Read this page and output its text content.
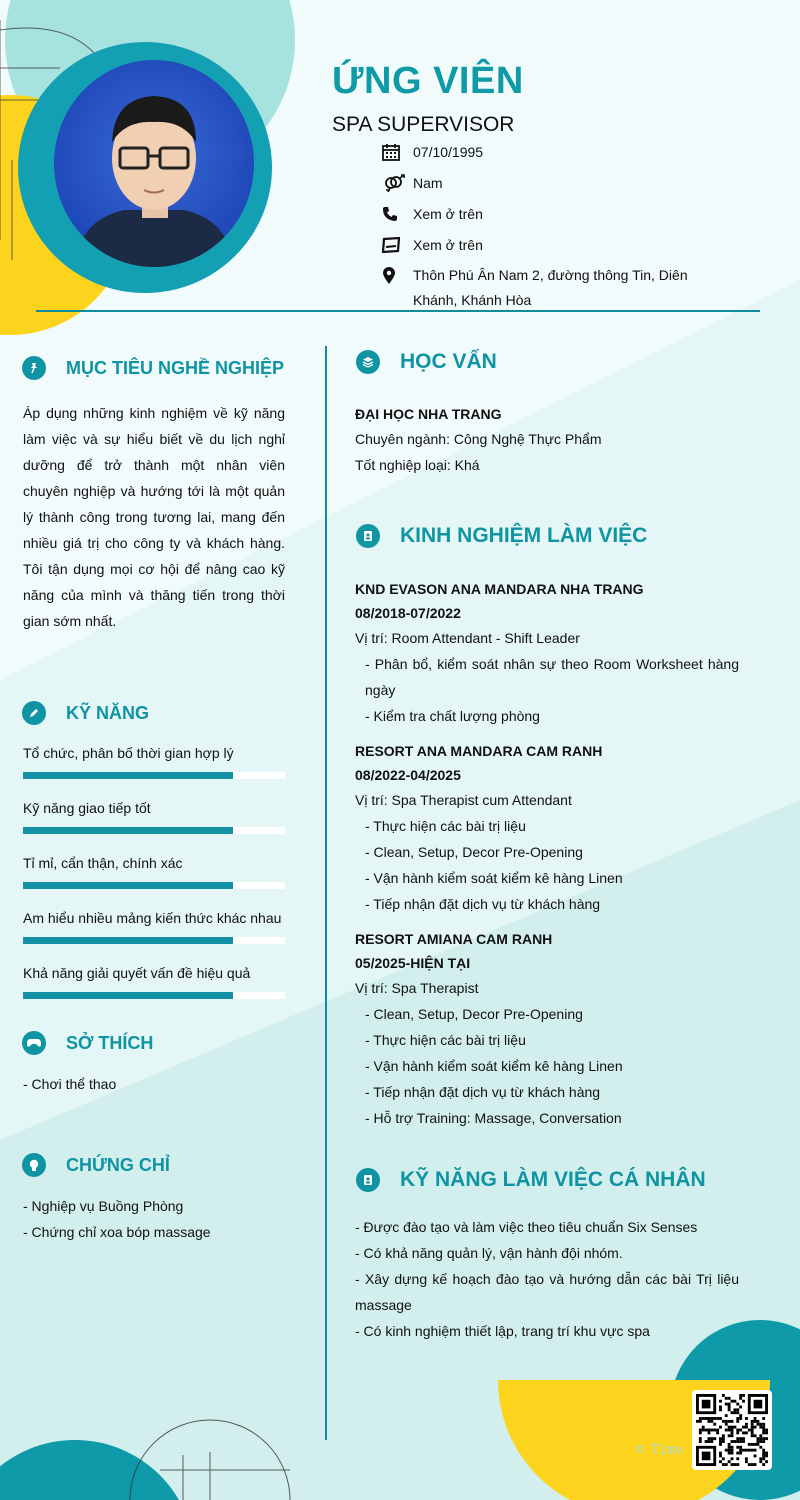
ỨNG VIÊN
SPA SUPERVISOR
07/10/1995
Nam
Xem ở trên
Xem ở trên
Thôn Phú Ân Nam 2, đường thông Tin, Diên Khánh, Khánh Hòa
MỤC TIÊU NGHỀ NGHIỆP
Áp dụng những kinh nghiệm về kỹ năng làm việc và sự hiểu biết về du lịch nghỉ dưỡng để trở thành một nhân viên chuyên nghiệp và hướng tới là một quản lý thành công trong tương lai, mang đến nhiều giá trị cho công ty và khách hàng. Tôi tận dụng mọi cơ hội để nâng cao kỹ năng của mình và thăng tiến trong thời gian sớm nhất.
KỸ NĂNG
Tổ chức, phân bố thời gian hợp lý
Kỹ năng giao tiếp tốt
Tỉ mỉ, cẩn thận, chính xác
Am hiểu nhiều mảng kiến thức khác nhau
Khả năng giải quyết vấn đề hiệu quả
SỞ THÍCH
- Chơi thể thao
CHỨNG CHỈ
- Nghiệp vụ Buồng Phòng
- Chứng chỉ xoa bóp massage
HỌC VẤN
ĐẠI HỌC NHA TRANG
Chuyên ngành: Công Nghệ Thực Phẩm
Tốt nghiệp loại: Khá
KINH NGHIỆM LÀM VIỆC
KND EVASON ANA MANDARA NHA TRANG
08/2018-07/2022
Vị trí: Room Attendant - Shift Leader
- Phân bổ, kiểm soát nhân sự theo Room Worksheet hàng ngày
- Kiểm tra chất lượng phòng
RESORT ANA MANDARA CAM RANH
08/2022-04/2025
Vị trí: Spa Therapist cum Attendant
- Thực hiện các bài trị liệu
- Clean, Setup, Decor Pre-Opening
- Vận hành kiểm soát kiểm kê hàng Linen
- Tiếp nhận đặt dịch vụ từ khách hàng
RESORT AMIANA CAM RANH
05/2025-HIỆN TẠI
Vị trí: Spa Therapist
- Clean, Setup, Decor Pre-Opening
- Thực hiện các bài trị liệu
- Vận hành kiểm soát kiểm kê hàng Linen
- Tiếp nhận đặt dịch vụ từ khách hàng
- Hỗ trợ Training: Massage, Conversation
KỸ NĂNG LÀM VIỆC CÁ NHÂN
- Được đào tạo và làm việc theo tiêu chuẩn Six Senses
- Có khả năng quản lý, vận hành đội nhóm.
- Xây dựng kế hoạch đào tạo và hướng dẫn các bài Trị liệu massage
- Có kinh nghiệm thiết lập, trang trí khu vực spa
© Timv
